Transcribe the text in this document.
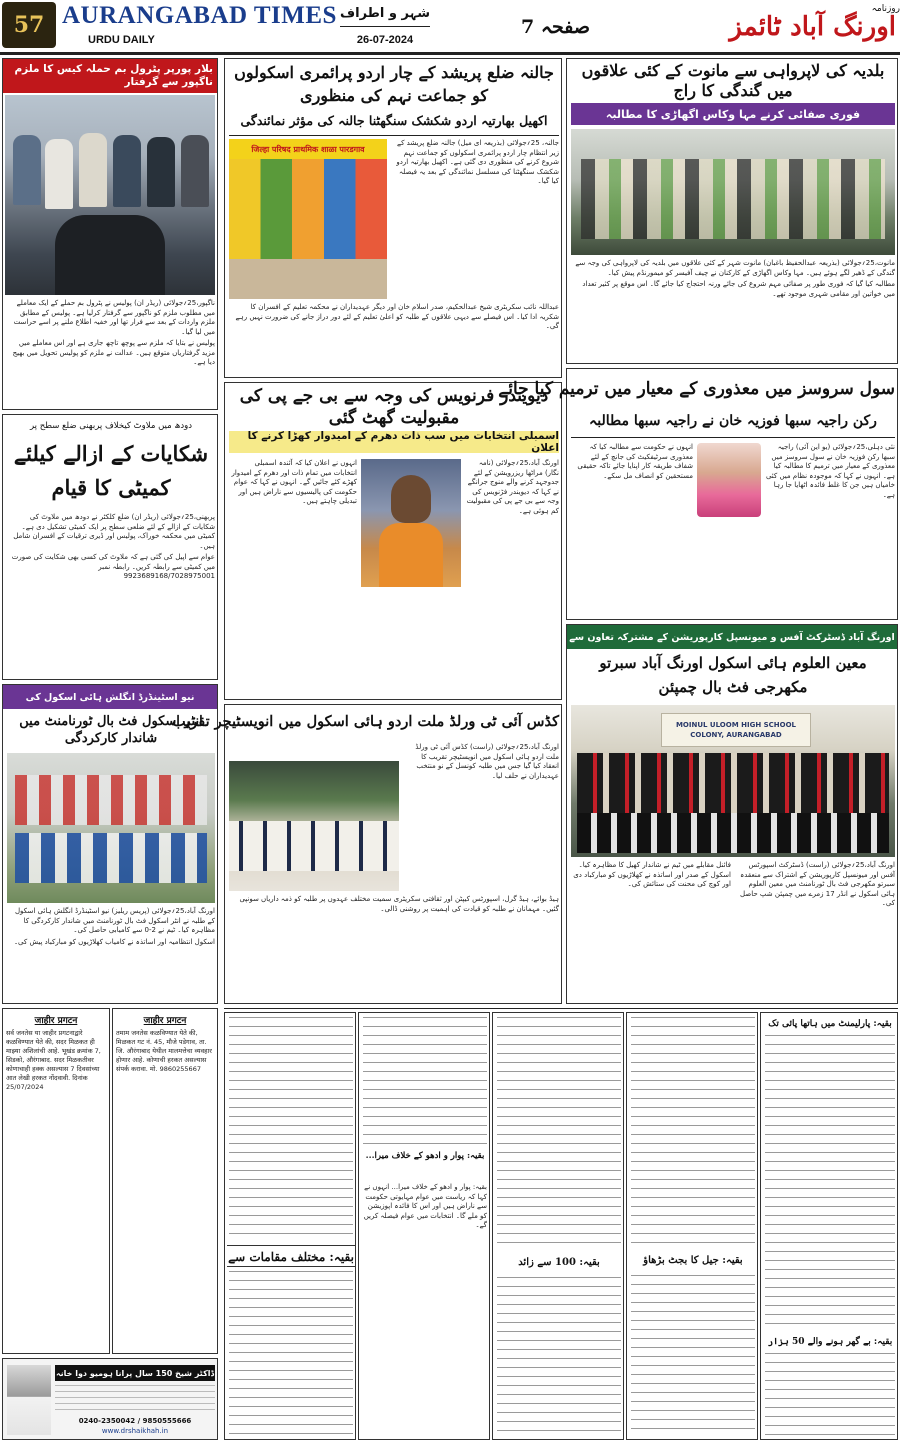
57 AURANGABAD TIMES
URDU DAILY
شہر و اطراف
26-07-2024
صفحہ 7
روزنامہ
اورنگ آباد ٹائمز
بلار پورپر پٹرول بم حملہ کیس کا ملزم ناگپور سے گرفتار

ناگپور،25؍جولائی (ریڈر ان) پولیس نے پٹرول بم حملے کے ایک معاملے میں مطلوب ملزم کو ناگپور سے گرفتار کرلیا ہے۔ پولیس کے مطابق ملزم واردات کے بعد سے فرار تھا اور خفیہ اطلاع ملنے پر اسے حراست میں لیا گیا۔

پولیس نے بتایا کہ ملزم سے پوچھ تاچھ جاری ہے اور اس معاملے میں مزید گرفتاریاں متوقع ہیں۔ عدالت نے ملزم کو پولیس تحویل میں بھیج دیا ہے۔

دودھ میں ملاوٹ کیخلاف پربھنی ضلع سطح پر
شکایات کے ازالے کیلئے کمیٹی کا قیام

پربھنی،25؍جولائی (ریڈر ان) ضلع کلکٹر نے دودھ میں ملاوٹ کی شکایات کے ازالے کے لئے ضلعی سطح پر ایک کمیٹی تشکیل دی ہے۔ کمیٹی میں محکمہ خوراک، پولیس اور ڈیری ترقیات کے افسران شامل ہیں۔

عوام سے اپیل کی گئی ہے کہ ملاوٹ کی کسی بھی شکایت کی صورت میں کمیٹی سے رابطہ کریں۔ رابطہ نمبر 9923689168/7028975001

نیو اسٹینڈرڈ انگلش ہائی اسکول کی
انٹر اسکول فٹ بال ٹورنامنٹ میں شاندار کارکردگی

اورنگ آباد،25؍جولائی (پریس ریلیز) نیو اسٹینڈرڈ انگلش ہائی اسکول کے طلبہ نے انٹر اسکول فٹ بال ٹورنامنٹ میں شاندار کارکردگی کا مظاہرہ کیا۔ ٹیم نے 2-0 سے کامیابی حاصل کی۔

اسکول انتظامیہ اور اساتذہ نے کامیاب کھلاڑیوں کو مبارکباد پیش کی۔

जाहीर प्रगटन
सर्व जनतेस या जाहीर प्रगटनाद्वारे कळविण्यात येते की, सदर मिळकत ही माझ्या अशिलांची आहे. भूखंड क्रमांक 7, सिडको, औरंगाबाद. सदर मिळकतीवर कोणाचाही हक्क असल्यास 7 दिवसांच्या आत लेखी हरकत नोंदवावी. दिनांक 25/07/2024
जाहीर प्रगटन
तमाम जनतेस कळविण्यात येते की, मिळकत गट नं. 45, मौजे पडेगाव, ता. जि. औरंगाबाद येथील मालमत्तेचा व्यवहार होणार आहे. कोणाची हरकत असल्यास संपर्क करावा. मो. 9860255667
ڈاکٹر شیخ 150 سال پرانا ہومیو دوا خانہ
0240-2350042 / 9850555666
www.drshaikhah.in
جالنہ ضلع پریشد کے چار اردو پرائمری اسکولوں کو جماعت نہم کی منظوری
اکھیل بھارتیہ اردو شکشک سنگھٹنا جالنہ کی مؤثر نمائندگی
जिल्हा परिषद प्राथमिक शाळा पारडगाव

جالنہ، 25؍جولائی (بذریعہ ای میل) جالنہ ضلع پریشد کے زیر انتظام چار اردو پرائمری اسکولوں کو جماعت نہم شروع کرنے کی منظوری دی گئی ہے۔ اکھیل بھارتیہ اردو شکشک سنگھٹنا کی مسلسل نمائندگی کے بعد یہ فیصلہ کیا گیا۔

عبداللہ نائب سکریٹری شیخ عبدالحکیم، صدر اسلام خان اور دیگر عہدیداران نے محکمہ تعلیم کے افسران کا شکریہ ادا کیا۔ اس فیصلے سے دیہی علاقوں کے طلبہ کو اعلیٰ تعلیم کے لئے دور دراز جانے کی ضرورت نہیں رہے گی۔

دیویندر فرنویس کی وجہ سے بی جے پی کی مقبولیت گھٹ گئی
اسمبلی انتخابات میں سب ذات دھرم کے امیدوار کھڑا کرنے کا اعلان

اورنگ آباد،25؍جولائی (نامہ نگار) مراٹھا ریزرویشن کے لئے جدوجہد کرنے والے منوج جرانگے نے کہا کہ دیویندر فڑنویس کی وجہ سے بی جے پی کی مقبولیت کم ہوئی ہے۔

انہوں نے اعلان کیا کہ آئندہ اسمبلی انتخابات میں تمام ذات اور دھرم کے امیدوار کھڑے کئے جائیں گے۔ انہوں نے کہا کہ عوام حکومت کی پالیسیوں سے ناراض ہیں اور تبدیلی چاہتے ہیں۔

کڈس آئی ٹی ورلڈ ملت اردو ہائی اسکول میں انویسٹیچر تقریب

اورنگ آباد،25؍جولائی (راست) کڈس آئی ٹی ورلڈ ملت اردو ہائی اسکول میں انویسٹیچر تقریب کا انعقاد کیا گیا جس میں طلبہ کونسل کے نو منتخب عہدیداران نے حلف لیا۔

ہیڈ بوائے، ہیڈ گرل، اسپورٹس کیپٹن اور ثقافتی سکریٹری سمیت مختلف عہدوں پر طلبہ کو ذمہ داریاں سونپی گئیں۔ مہمانان نے طلبہ کو قیادت کی اہمیت پر روشنی ڈالی۔

بلدیہ کی لاپرواہی سے مانوت کے کئی علاقوں میں گندگی کا راج
فوری صفائی کرنے مہا وکاس اگھاڑی کا مطالبہ

مانوت،25؍جولائی (بذریعہ عبدالحفیظ باغبان) مانوت شہر کے کئی علاقوں میں بلدیہ کی لاپرواہی کی وجہ سے گندگی کے ڈھیر لگے ہوئے ہیں۔ مہا وکاس اگھاڑی کے کارکنان نے چیف آفیسر کو میمورنڈم پیش کیا۔

مطالبہ کیا گیا کہ فوری طور پر صفائی مہم شروع کی جائے ورنہ احتجاج کیا جائے گا۔ اس موقع پر کثیر تعداد میں خواتین اور مقامی شہری موجود تھے۔

سول سروسز میں معذوری کے معیار میں ترمیم کیا جائے
رکن راجیہ سبھا فوزیہ خان نے راجیہ سبھا مطالبہ

نئی دہلی،25؍جولائی (یو این آئی) راجیہ سبھا رکن فوزیہ خان نے سول سروسز میں معذوری کے معیار میں ترمیم کا مطالبہ کیا ہے۔ انہوں نے کہا کہ موجودہ نظام میں کئی خامیاں ہیں جن کا غلط فائدہ اٹھایا جا رہا ہے۔

انہوں نے حکومت سے مطالبہ کیا کہ معذوری سرٹیفکیٹ کی جانچ کے لئے شفاف طریقہ کار اپنایا جائے تاکہ حقیقی مستحقین کو انصاف مل سکے۔

اورنگ آباد ڈسٹرکٹ آفس و میونسپل کارپوریشن کے مشترکہ تعاون سے
معین العلوم ہائی اسکول اورنگ آباد سبرتو مکھرجی فٹ بال چمپئن
MOINUL ULOOM HIGH SCHOOL COLONY, AURANGABAD

اورنگ آباد،25؍جولائی (راست) ڈسٹرکٹ اسپورٹس آفس اور میونسپل کارپوریشن کے اشتراک سے منعقدہ سبرتو مکھرجی فٹ بال ٹورنامنٹ میں معین العلوم ہائی اسکول نے انڈر 17 زمرے میں چمپئن شپ حاصل کی۔

فائنل مقابلے میں ٹیم نے شاندار کھیل کا مظاہرہ کیا۔ اسکول کے صدر اور اساتذہ نے کھلاڑیوں کو مبارکباد دی اور کوچ کی محنت کی ستائش کی۔

بقیہ: مختلف مقامات سے
بقیہ: پوار و ادھو کے خلاف میرا...
بقیہ: پوار و ادھو کے خلاف میرا... انہوں نے کہا کہ ریاست میں عوام مہایوتی حکومت سے ناراض ہیں اور اس کا فائدہ اپوزیشن کو ملے گا۔ انتخابات میں عوام فیصلہ کریں گے۔
بقیہ: 100 سے زائد	بقیہ: جیل کا بجٹ بڑھاؤ
بقیہ: پارلیمنٹ میں ہاتھا پائی تک
بقیہ: بے گھر ہونے والے 50 ہزار
